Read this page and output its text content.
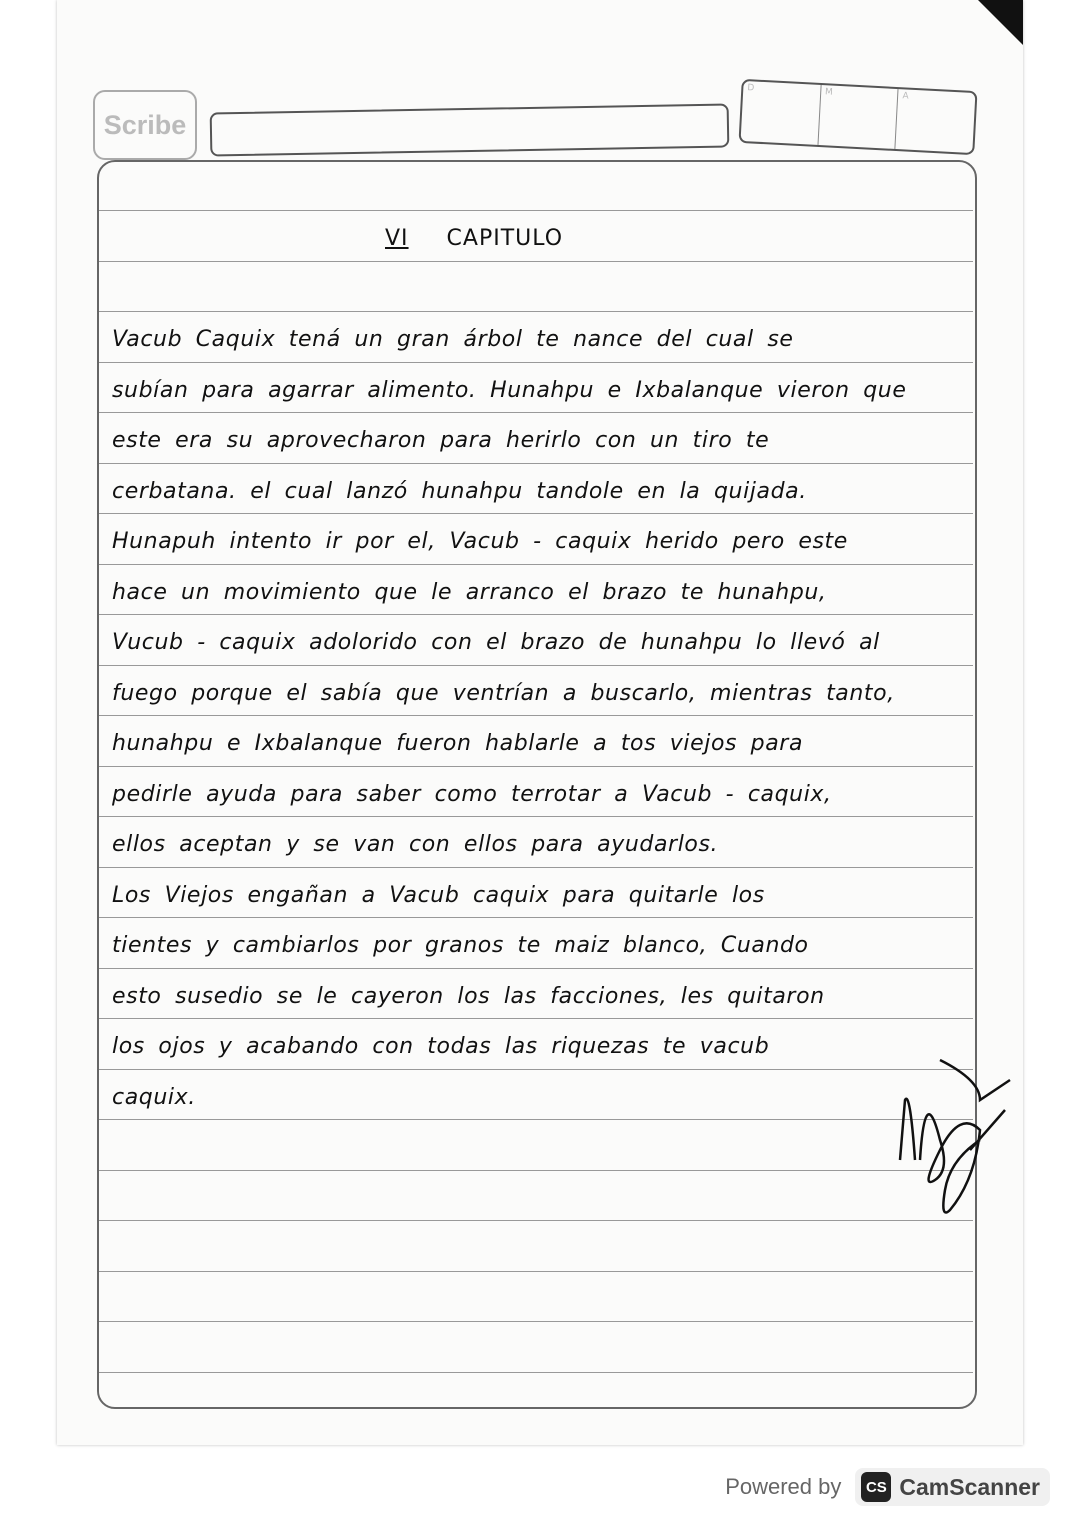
Scribe
D	M	A
VI CAPITULO
Vacub Caquix tená un gran árbol te nance del cual se
subían para agarrar alimento. Hunahpu e Ixbalanque vieron que
este era su aprovecharon para herirlo con un tiro te
cerbatana. el cual lanzó hunahpu tandole en la quijada.
Hunapuh intento ir por el, Vacub - caquix herido pero este
hace un movimiento que le arranco el brazo te hunahpu,
Vucub - caquix adolorido con el brazo de hunahpu lo llevó al
fuego porque el sabía que ventrían a buscarlo, mientras tanto,
hunahpu e Ixbalanque fueron hablarle a tos viejos para
pedirle ayuda para saber como terrotar a Vacub - caquix,
ellos aceptan y se van con ellos para ayudarlos.
Los Viejos engañan a Vacub caquix para quitarle los
tientes y cambiarlos por granos te maiz blanco, Cuando
esto susedio se le cayeron los las facciones, les quitaron
los ojos y acabando con todas las riquezas te vacub
caquix.
Powered by	CS CamScanner
